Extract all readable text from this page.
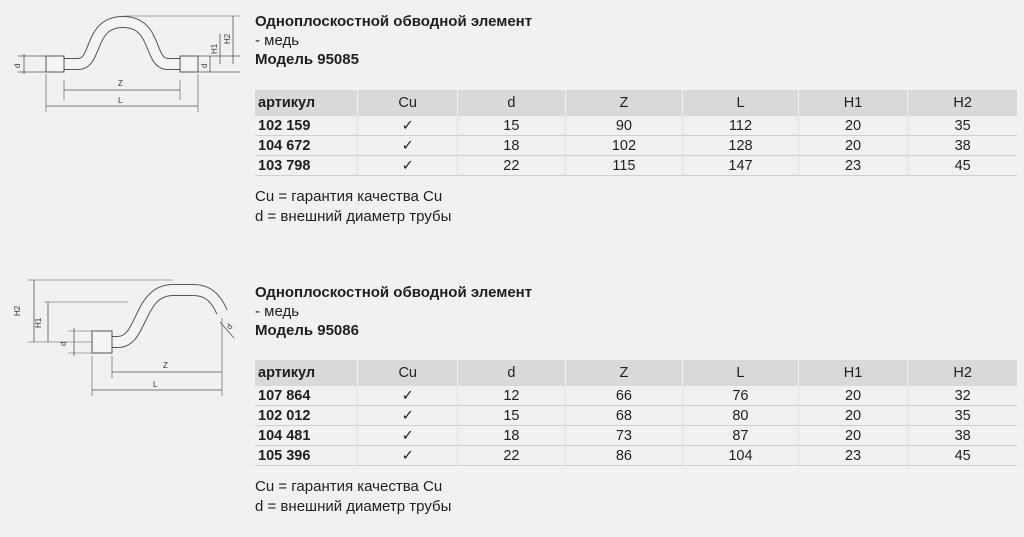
d	d
H1
H2
Z
L
Одноплоскостной обводной элемент
- медь
Модель 95085
артикул	Cu	d	Z	L	H1	H2
102 159	✓	15	90	112	20	35
104 672	✓	18	102	128	20	38
103 798	✓	22	115	147	23	45
Cu = гарантия качества Cu
d = внешний диаметр трубы
H2
H1
d
d
Z
L
Одноплоскостной обводной элемент
- медь
Модель 95086
артикул	Cu	d	Z	L	H1	H2
107 864	✓	12	66	76	20	32
102 012	✓	15	68	80	20	35
104 481	✓	18	73	87	20	38
105 396	✓	22	86	104	23	45
Cu = гарантия качества Cu
d = внешний диаметр трубы
